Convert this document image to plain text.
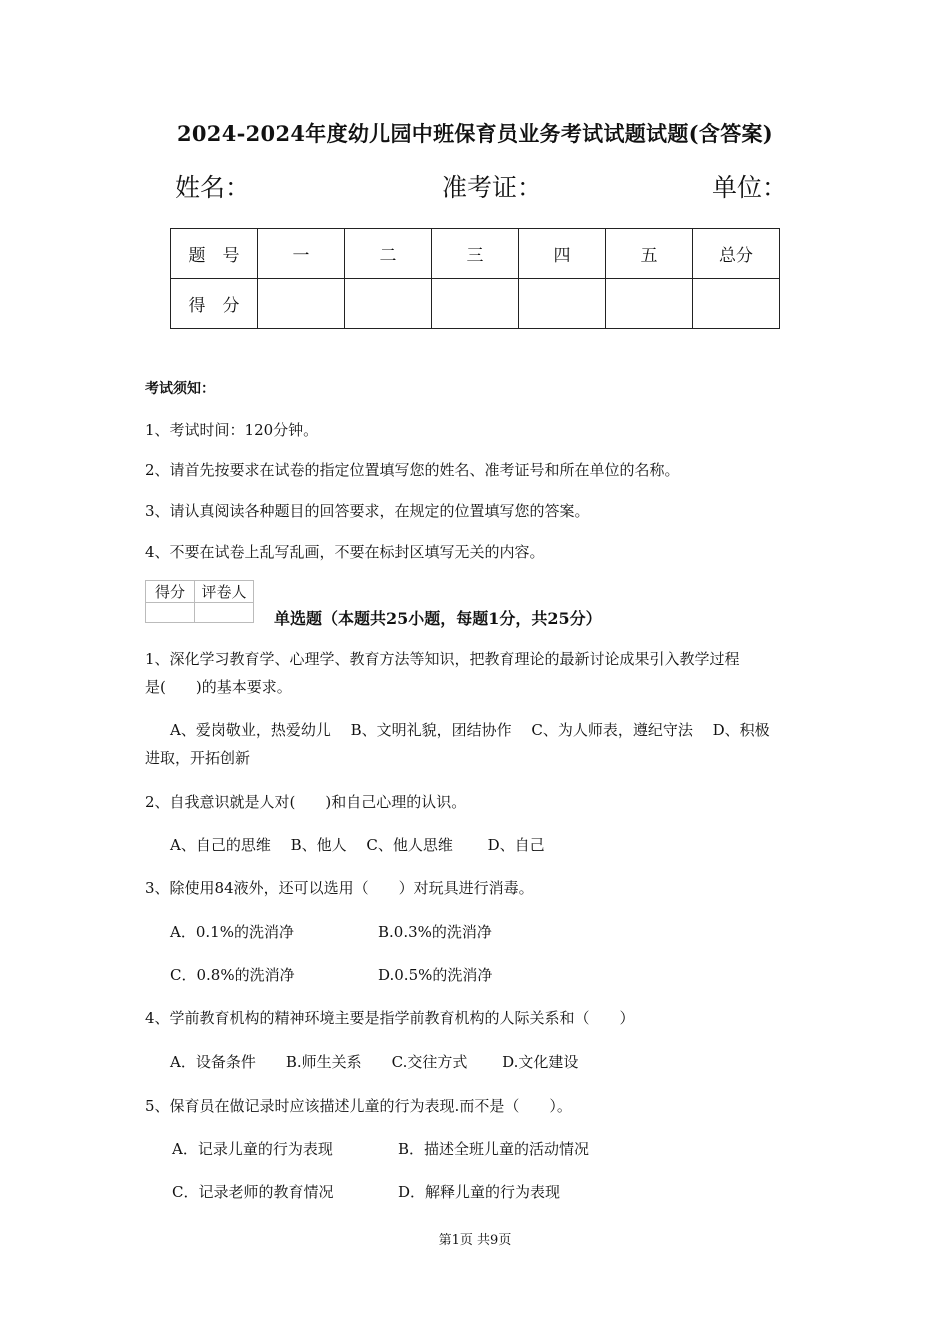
2024-2024年度幼儿园中班保育员业务考试试题试题(含答案)
姓名：	准考证：	单位：
题　号	一	二	三	四	五	总分
得　分						
考试须知：
1、考试时间：120分钟。
2、请首先按要求在试卷的指定位置填写您的姓名、准考证号和所在单位的名称。
3、请认真阅读各种题目的回答要求，在规定的位置填写您的答案。
4、不要在试卷上乱写乱画，不要在标封区填写无关的内容。
得分	评卷人

单选题（本题共25小题，每题1分，共25分）
1、深化学习教育学、心理学、教育方法等知识，把教育理论的最新讨论成果引入教学过程
是(　　)的基本要求。
A、爱岗敬业，热爱幼儿　 B、文明礼貌，团结协作　 C、为人师表，遵纪守法　 D、积极
进取，开拓创新
2、自我意识就是人对(　　)和自己心理的认识。
A、自己的思维　 B、他人　 C、他人思维　　 D、自己
3、除使用84液外，还可以选用（　　）对玩具进行消毒。
A．0.1%的洗消净	B.0.3%的洗消净
C．0.8%的洗消净	D.0.5%的洗消净
4、学前教育机构的精神环境主要是指学前教育机构的人际关系和（　　）
A．设备条件　　B.师生关系　　C.交往方式　　 D.文化建设
5、保育员在做记录时应该描述儿童的行为表现.而不是（　　）。
A．记录儿童的行为表现	B．描述全班儿童的活动情况
C．记录老师的教育情况	D．解释儿童的行为表现
第1页 共9页
